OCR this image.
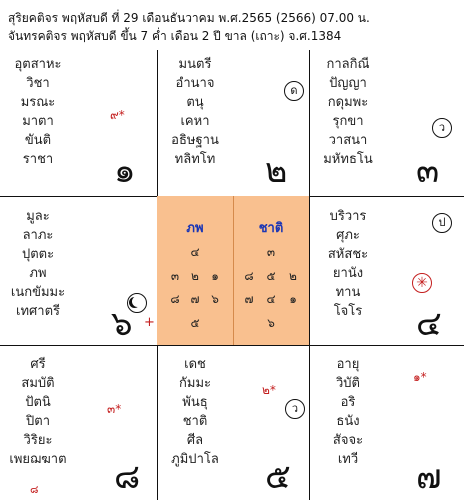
สุริยคติจร พฤหัสบดี ที่ 29 เดือนธันวาคม พ.ศ.2565 (2566) 07.00 น.
จันทรคติจร พฤหัสบดี ขึ้น 7 ค่ำ เดือน 2 ปี ขาล (เถาะ) จ.ศ.1384
ภพ
๔
๓ ๒	๑
๘ ๗ ๖
๕
ชาติ
๓
๘	๕	๒
๗	๔	๑
๖
อุตสาหะ
วิชา
มรณะ
มาตา
ขันติ
ราชา
๙*
๑
มนตรี
อำนาจ
ตนุ
เคหา
อธิษฐาน
ทลิทโท
ด
๒
กาลกิณี
ปัญญา
กดุมพะ
รุกขา
วาสนา
มหัทธโน
ว
๓
มูละ
ลาภะ
ปุตตะ
ภพ
เนกขัมมะ
เทศาตรี	๖ +
บริวาร
ศุภะ
สหัสชะ
ยานัง
ทาน
โจโร
ป
✳
๔
ศรี
สมบัติ
ปัตนิ
ปิตา
วิริยะ
เพยฌฆาต
๓*
๘ ๘
เดช
กัมมะ
พันธุ
ชาติ
ศีล
ภูมิปาโล
๒*
ว
๕
อายุ
วิบัติ
อริ
ธนัง
สัจจะ
เทวี
๑*
๗
